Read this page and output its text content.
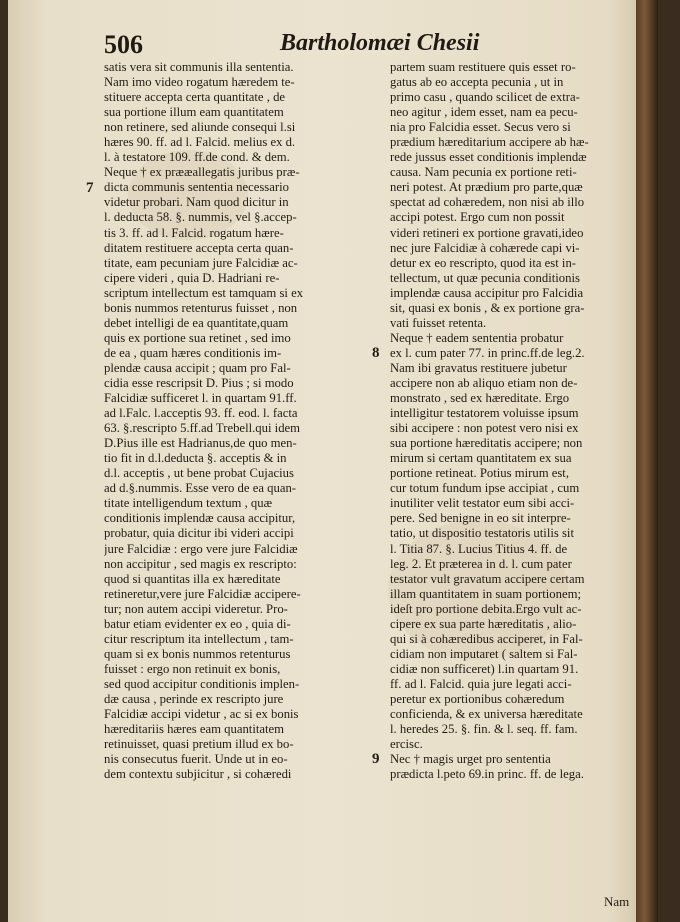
506	Bartholomæi Chesii
satis vera sit communis illa sententia.
Nam imo video rogatum hæredem te-
stituere accepta certa quantitate , de
sua portione illum eam quantitatem
non retinere, sed aliunde consequi l.si
hæres 90. ff. ad l. Falcid. melius ex d.
l. à testatore 109. ff.de cond. & dem.
Neque † ex prææallegatis juribus præ-
dicta communis sententia necessario
videtur probari. Nam quod dicitur in
l. deducta 58. §. nummis, vel §.accep-
tis 3. ff. ad l. Falcid. rogatum hære-
ditatem restituere accepta certa quan-
titate, eam pecuniam jure Falcidiæ ac-
cipere videri , quia D. Hadriani re-
scriptum intellectum est tamquam si ex
bonis nummos retenturus fuisset , non
debet intelligi de ea quantitate,quam
quis ex portione sua retinet , sed imo
de ea , quam hæres conditionis im-
plendæ causa accipit ; quam pro Fal-
cidia esse rescripsit D. Pius ; si modo
Falcidiæ sufficeret l. in quartam 91.ff.
ad l.Falc. l.acceptis 93. ff. eod. l. facta
63. §.rescripto 5.ff.ad Trebell.qui idem
D.Pius ille est Hadrianus,de quo men-
tio fit in d.l.deducta §. acceptis & in
d.l. acceptis , ut bene probat Cujacius
ad d.§.nummis. Esse vero de ea quan-
titate intelligendum textum , quæ
conditionis implendæ causa accipitur,
probatur, quia dicitur ibi videri accipi
jure Falcidiæ : ergo vere jure Falcidiæ
non accipitur , sed magis ex rescripto:
quod si quantitas illa ex hæreditate
retineretur,vere jure Falcidiæ acciperе-
tur; non autem accipi videretur. Pro-
batur etiam evidenter ex eo , quia di-
citur rescriptum ita intellectum , tam-
quam si ex bonis nummos retenturus
fuisset : ergo non retinuit ex bonis,
sed quod accipitur conditionis implen-
dæ causa , perinde ex rescripto jure
Falcidiæ accipi videtur , ac si ex bonis
hæreditariis hæres eam quantitatem
retinuisset, quasi pretium illud ex bo-
nis consecutus fuerit. Unde ut in eo-
dem contextu subjicitur , si cohæredi
partem suam restituere quis esset ro-
gatus ab eo accepta pecunia , ut in
primo casu , quando scilicet de extra-
neo agitur , idem esset, nam ea pecu-
nia pro Falcidia esset. Secus vero si
prædium hæreditarium accipere ab hæ-
rede jussus esset conditionis implendæ
causa. Nam pecunia ex portione reti-
neri potest. At prædium pro parte,quæ
spectat ad cohæredem, non nisi ab illo
accipi potest. Ergo cum non possit
videri retineri ex portione gravati,ideo
nec jure Falcidiæ à cohærede capi vi-
detur ex eo rescripto, quod ita est in-
tellectum, ut quæ pecunia conditionis
implendæ causa accipitur pro Falcidia
sit, quasi ex bonis , & ex portione gra-
vati fuisset retenta.
Neque † eadem sententia probatur
ex l. cum pater 77. in princ.ff.de leg.2.
Nam ibi gravatus restituere jubetur
accipere non ab aliquo etiam non de-
monstrato , sed ex hæreditate. Ergo
intelligitur testatorem voluisse ipsum
sibi accipere : non potest vero nisi ex
sua portione hæreditatis accipere; non
mirum si certam quantitatem ex sua
portione retineat. Potius mirum est,
cur totum fundum ipse accipiat , cum
inutiliter velit testator eum sibi acci-
pere. Sed benigne in eo sit interpre-
tatio, ut dispositio testatoris utilis sit
l. Titia 87. §. Lucius Titius 4. ff. de
leg. 2. Et præterea in d. l. cum pater
testator vult gravatum accipere certam
illam quantitatem in suam portionem;
ideſt pro portione debita.Ergo vult ac-
cipere ex sua parte hæreditatis , alio-
qui si à cohæredibus acciperet, in Fal-
cidiam non imputaret ( saltem si Fal-
cidiæ non sufficeret) l.in quartam 91.
ff. ad l. Falcid. quia jure legati acci-
peretur ex portionibus cohæredum
conficienda, & ex universa hæreditate
l. heredes 25. §. fin. & l. seq. ff. fam.
ercisc.
Nec † magis urget pro sententia
prædicta l.peto 69.in princ. ff. de lega.
7
8
9
Nam
